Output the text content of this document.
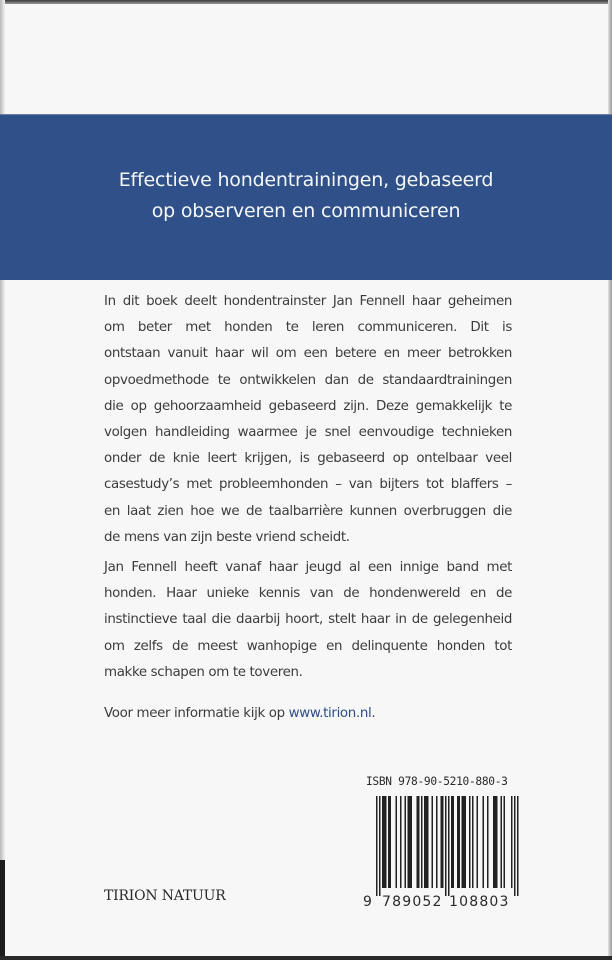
Effectieve hondentrainingen, gebaseerd
op observeren en communiceren
In dit boek deelt hondentrainster Jan Fennell haar geheimen
om beter met honden te leren communiceren. Dit is
ontstaan vanuit haar wil om een betere en meer betrokken
opvoedmethode te ontwikkelen dan de standaardtrainingen
die op gehoorzaamheid gebaseerd zijn. Deze gemakkelijk te
volgen handleiding waarmee je snel eenvoudige technieken
onder de knie leert krijgen, is gebaseerd op ontelbaar veel
casestudy’s met probleemhonden – van bijters tot blaffers –
en laat zien hoe we de taalbarrière kunnen overbruggen die
de mens van zijn beste vriend scheidt.
Jan Fennell heeft vanaf haar jeugd al een innige band met
honden. Haar unieke kennis van de hondenwereld en de
instinctieve taal die daarbij hoort, stelt haar in de gelegenheid
om zelfs de meest wanhopige en delinquente honden tot
makke schapen om te toveren.
Voor meer informatie kijk op www.tirion.nl.
TIRION NATUUR
ISBN 978-90-5210-880-3
9 789052 108803
